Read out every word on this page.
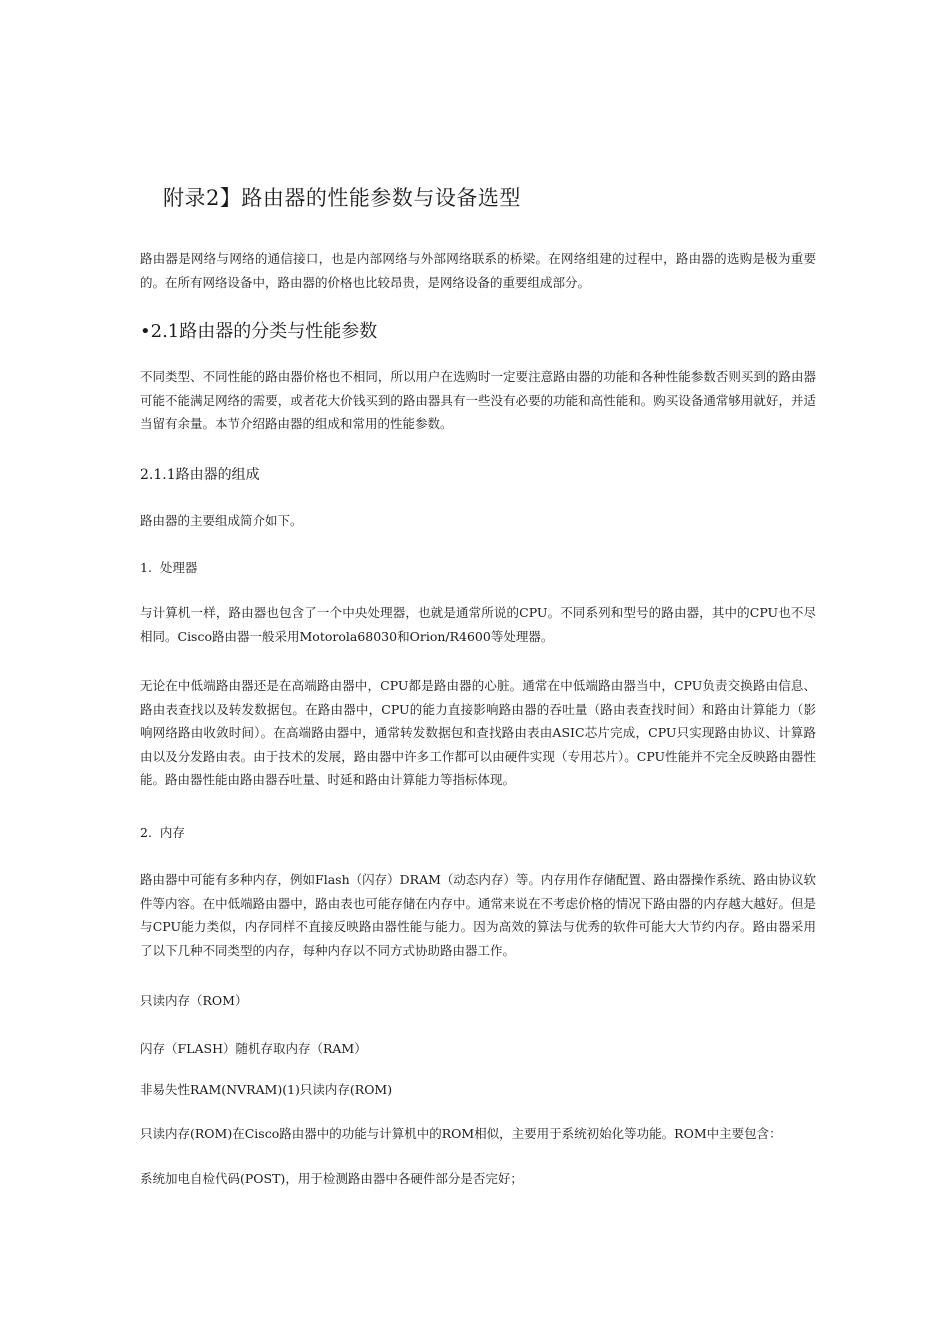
附录2】路由器的性能参数与设备选型
路由器是网络与网络的通信接口，也是内部网络与外部网络联系的桥梁。在网络组建的过程中，路由器的选购是极为重要的。在所有网络设备中，路由器的价格也比较昂贵，是网络设备的重要组成部分。
•2.1路由器的分类与性能参数
不同类型、不同性能的路由器价格也不相同，所以用户在选购时一定要注意路由器的功能和各种性能参数否则买到的路由器可能不能满足网络的需要，或者花大价钱买到的路由器具有一些没有必要的功能和高性能和。购买设备通常够用就好，并适当留有余量。本节介绍路由器的组成和常用的性能参数。
2.1.1路由器的组成
路由器的主要组成简介如下。
1.  处理器
与计算机一样，路由器也包含了一个中央处理器，也就是通常所说的CPU。不同系列和型号的路由器，其中的CPU也不尽相同。Cisco路由器一般采用Motorola68030和Orion/R4600等处理器。
无论在中低端路由器还是在高端路由器中，CPU都是路由器的心脏。通常在中低端路由器当中，CPU负责交换路由信息、路由表查找以及转发数据包。在路由器中，CPU的能力直接影响路由器的吞吐量（路由表查找时间）和路由计算能力（影响网络路由收敛时间）。在高端路由器中，通常转发数据包和查找路由表由ASIC芯片完成，CPU只实现路由协议、计算路由以及分发路由表。由于技术的发展，路由器中许多工作都可以由硬件实现（专用芯片）。CPU性能并不完全反映路由器性能。路由器性能由路由器吞吐量、时延和路由计算能力等指标体现。
2.  内存
路由器中可能有多种内存，例如Flash（闪存）DRAM（动态内存）等。内存用作存储配置、路由器操作系统、路由协议软件等内容。在中低端路由器中，路由表也可能存储在内存中。通常来说在不考虑价格的情况下路由器的内存越大越好。但是与CPU能力类似，内存同样不直接反映路由器性能与能力。因为高效的算法与优秀的软件可能大大节约内存。路由器采用了以下几种不同类型的内存，每种内存以不同方式协助路由器工作。
只读内存（ROM）
闪存（FLASH）随机存取内存（RAM）
非易失性RAM(NVRAM)(1)只读内存(ROM)
只读内存(ROM)在Cisco路由器中的功能与计算机中的ROM相似，主要用于系统初始化等功能。ROM中主要包含：
系统加电自检代码(POST)，用于检测路由器中各硬件部分是否完好；
